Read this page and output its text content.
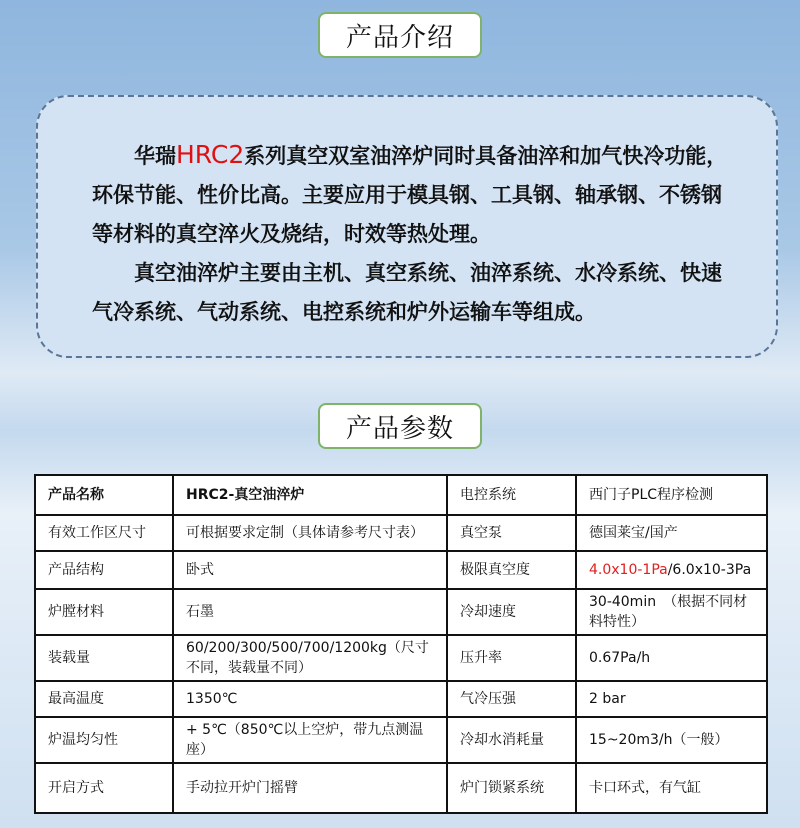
产品介绍

华瑞HRC2系列真空双室油淬炉同时具备油淬和加气快冷功能，环保节能、性价比高。主要应用于模具钢、工具钢、轴承钢、不锈钢等材料的真空淬火及烧结，时效等热处理。

真空油淬炉主要由主机、真空系统、油淬系统、水冷系统、快速气冷系统、气动系统、电控系统和炉外运输车等组成。

产品参数
产品名称	HRC2-真空油淬炉	电控系统	西门子PLC程序检测
有效工作区尺寸	可根据要求定制（具体请参考尺寸表）	真空泵	德国莱宝/国产
产品结构	卧式	极限真空度	4.0x10-1Pa/6.0x10-3Pa
炉膛材料	石墨	冷却速度	30-40min　（根据不同材料特性）
装载量	60/200/300/500/700/1200kg（尺寸不同，装载量不同）	压升率	0.67Pa/h
最高温度	1350℃	气冷压强	2 bar
炉温均匀性	+ 5℃（850℃以上空炉，带九点测温座）	冷却水消耗量	15~20m3/h（一般）
开启方式	手动拉开炉门摇臂	炉门锁紧系统	卡口环式，有气缸
